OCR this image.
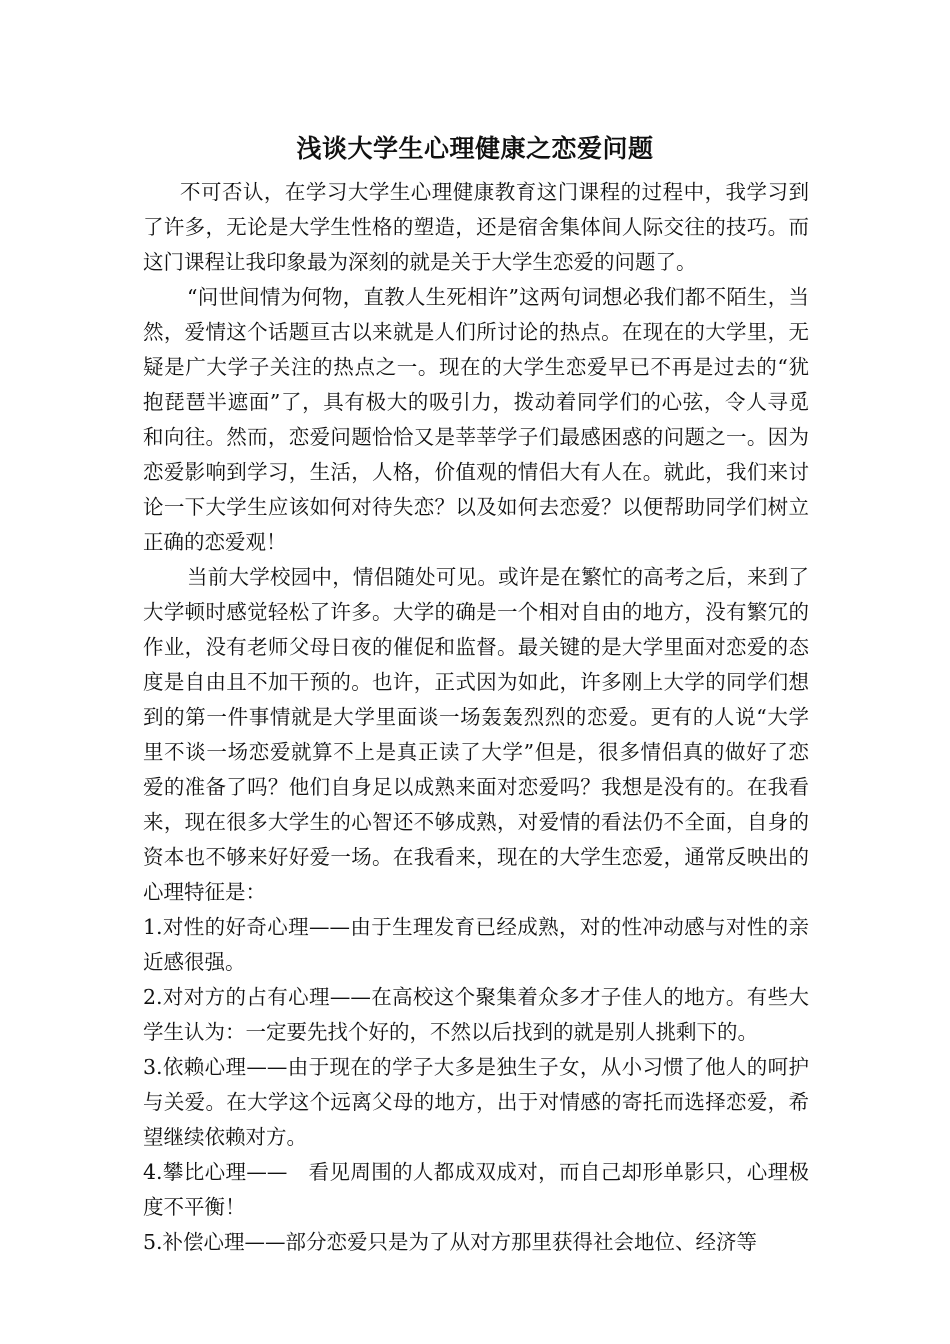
浅谈大学生心理健康之恋爱问题

不可否认，在学习大学生心理健康教育这门课程的过程中，我学习到了许多，无论是大学生性格的塑造，还是宿舍集体间人际交往的技巧。而这门课程让我印象最为深刻的就是关于大学生恋爱的问题了。

“问世间情为何物，直教人生死相许”这两句词想必我们都不陌生，当然，爱情这个话题亘古以来就是人们所讨论的热点。在现在的大学里，无疑是广大学子关注的热点之一。现在的大学生恋爱早已不再是过去的“犹抱琵琶半遮面”了，具有极大的吸引力，拨动着同学们的心弦，令人寻觅和向往。然而，恋爱问题恰恰又是莘莘学子们最感困惑的问题之一。因为恋爱影响到学习，生活，人格，价值观的情侣大有人在。就此，我们来讨论一下大学生应该如何对待失恋？以及如何去恋爱？以便帮助同学们树立正确的恋爱观！

当前大学校园中，情侣随处可见。或许是在繁忙的高考之后，来到了大学顿时感觉轻松了许多。大学的确是一个相对自由的地方，没有繁冗的作业，没有老师父母日夜的催促和监督。最关键的是大学里面对恋爱的态度是自由且不加干预的。也许，正式因为如此，许多刚上大学的同学们想到的第一件事情就是大学里面谈一场轰轰烈烈的恋爱。更有的人说“大学里不谈一场恋爱就算不上是真正读了大学”但是，很多情侣真的做好了恋爱的准备了吗？他们自身足以成熟来面对恋爱吗？我想是没有的。在我看来，现在很多大学生的心智还不够成熟，对爱情的看法仍不全面，自身的资本也不够来好好爱一场。在我看来，现在的大学生恋爱，通常反映出的心理特征是：

1.对性的好奇心理——由于生理发育已经成熟，对的性冲动感与对性的亲近感很强。

2.对对方的占有心理——在高校这个聚集着众多才子佳人的地方。有些大学生认为：一定要先找个好的，不然以后找到的就是别人挑剩下的。

3.依赖心理——由于现在的学子大多是独生子女，从小习惯了他人的呵护与关爱。在大学这个远离父母的地方，出于对情感的寄托而选择恋爱，希望继续依赖对方。

4.攀比心理——　看见周围的人都成双成对，而自己却形单影只，心理极度不平衡！

5.补偿心理——部分恋爱只是为了从对方那里获得社会地位、经济等
